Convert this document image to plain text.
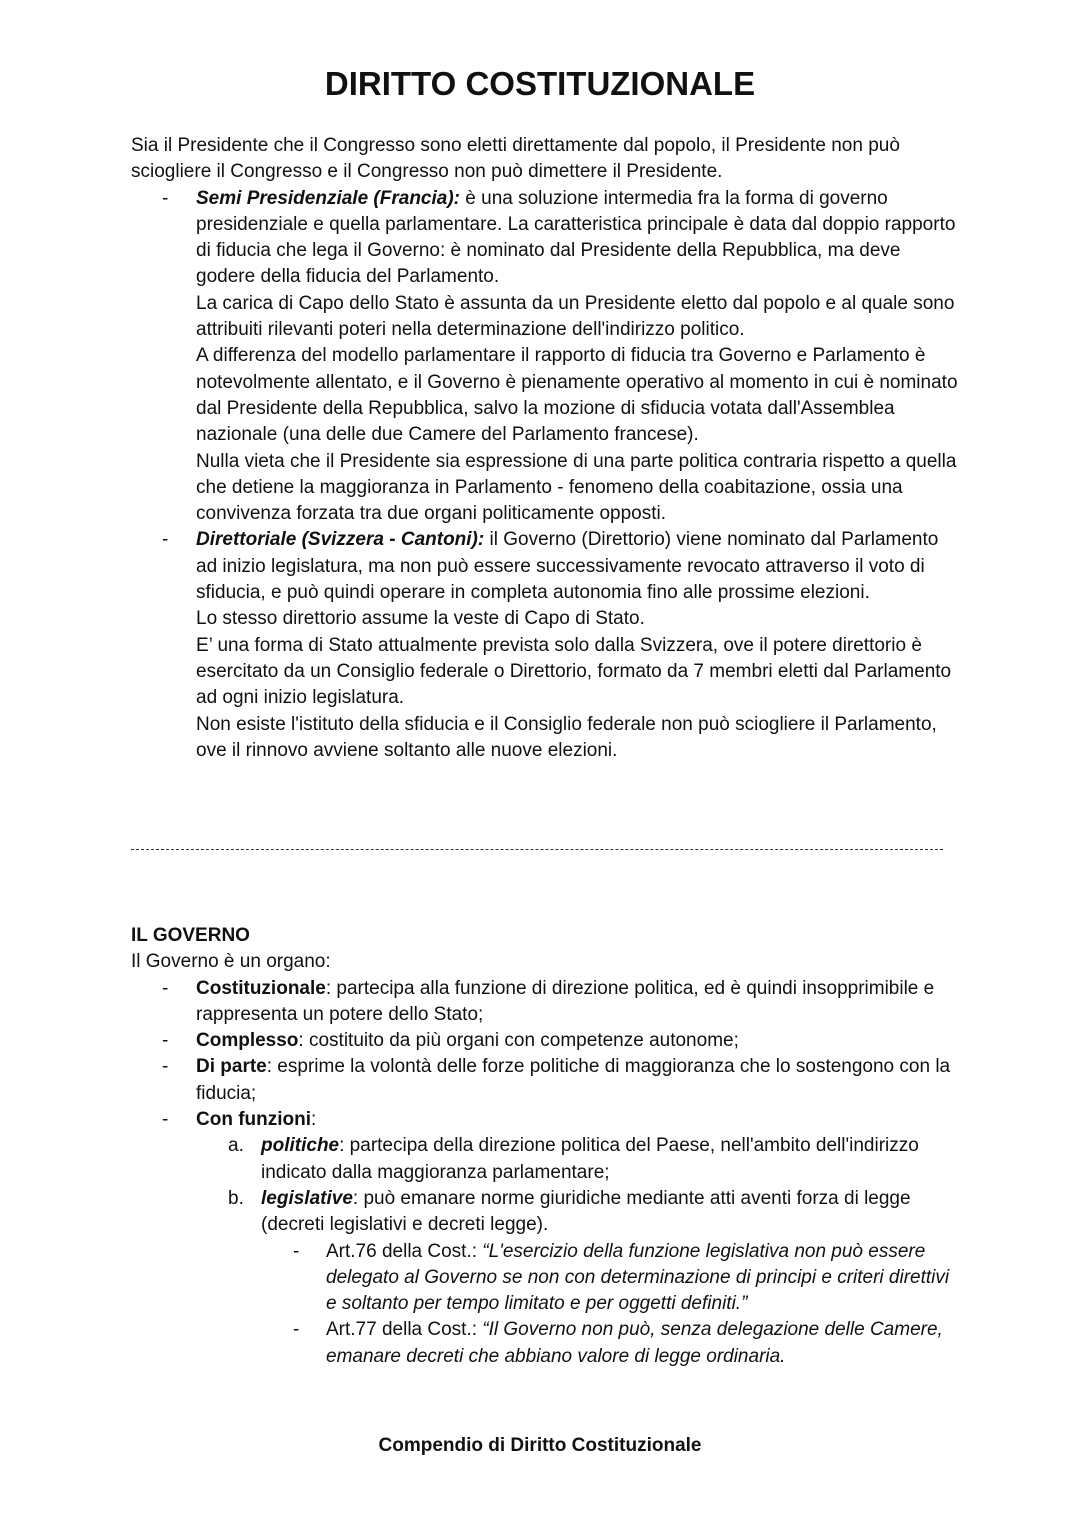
DIRITTO COSTITUZIONALE

Sia il Presidente che il Congresso sono eletti direttamente dal popolo, il Presidente non può sciogliere il Congresso e il Congresso non può dimettere il Presidente.

- Semi Presidenziale (Francia): è una soluzione intermedia fra la forma di governo presidenziale e quella parlamentare. La caratteristica principale è data dal doppio rapporto di fiducia che lega il Governo: è nominato dal Presidente della Repubblica, ma deve godere della fiducia del Parlamento.

La carica di Capo dello Stato è assunta da un Presidente eletto dal popolo e al quale sono attribuiti rilevanti poteri nella determinazione dell'indirizzo politico.

A differenza del modello parlamentare il rapporto di fiducia tra Governo e Parlamento è notevolmente allentato, e il Governo è pienamente operativo al momento in cui è nominato dal Presidente della Repubblica, salvo la mozione di sfiducia votata dall'Assemblea nazionale (una delle due Camere del Parlamento francese).

Nulla vieta che il Presidente sia espressione di una parte politica contraria rispetto a quella che detiene la maggioranza in Parlamento - fenomeno della coabitazione, ossia una convivenza forzata tra due organi politicamente opposti.

- Direttoriale (Svizzera - Cantoni): il Governo (Direttorio) viene nominato dal Parlamento ad inizio legislatura, ma non può essere successivamente revocato attraverso il voto di sfiducia, e può quindi operare in completa autonomia fino alle prossime elezioni.

Lo stesso direttorio assume la veste di Capo di Stato.

E’ una forma di Stato attualmente prevista solo dalla Svizzera, ove il potere direttorio è esercitato da un Consiglio federale o Direttorio, formato da 7 membri eletti dal Parlamento ad ogni inizio legislatura.

Non esiste l'istituto della sfiducia e il Consiglio federale non può sciogliere il Parlamento, ove il rinnovo avviene soltanto alle nuove elezioni.

IL GOVERNO

Il Governo è un organo:

- Costituzionale: partecipa alla funzione di direzione politica, ed è quindi insopprimibile e rappresenta un potere dello Stato;
- Complesso: costituito da più organi con competenze autonome;
- Di parte: esprime la volontà delle forze politiche di maggioranza che lo sostengono con la fiducia;
- Con funzioni:
a. politiche: partecipa della direzione politica del Paese, nell'ambito dell'indirizzo indicato dalla maggioranza parlamentare;
b. legislative: può emanare norme giuridiche mediante atti aventi forza di legge (decreti legislativi e decreti legge).
- Art.76 della Cost.: “L'esercizio della funzione legislativa non può essere delegato al Governo se non con determinazione di principi e criteri direttivi e soltanto per tempo limitato e per oggetti definiti.”
- Art.77 della Cost.: “Il Governo non può, senza delegazione delle Camere, emanare decreti che abbiano valore di legge ordinaria.
Compendio di Diritto Costituzionale
